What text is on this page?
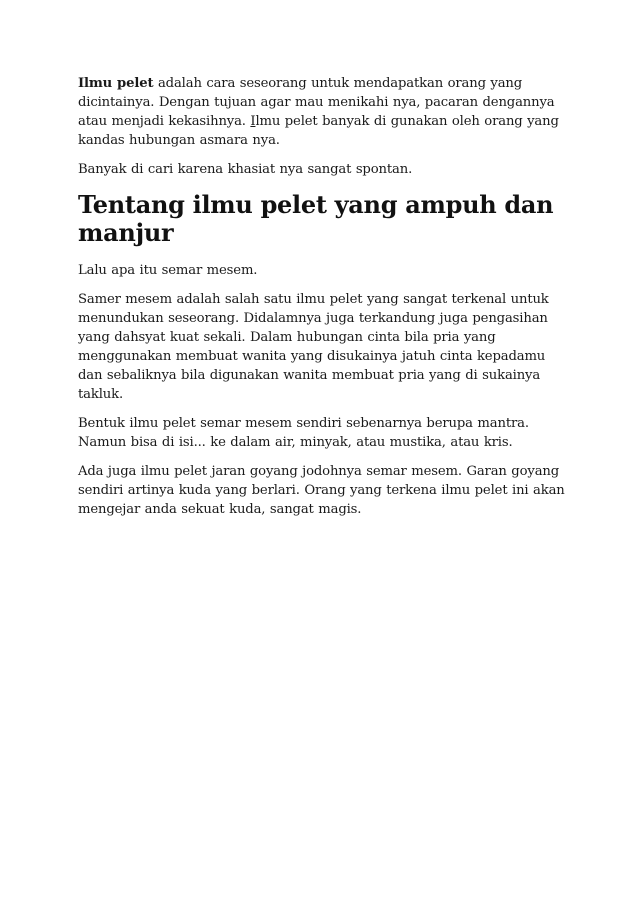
Ilmu pelet adalah cara seseorang untuk mendapatkan orang yang dicintainya. Dengan tujuan agar mau menikahi nya, pacaran dengannya atau menjadi kekasihnya. Ilmu pelet banyak di gunakan oleh orang yang kandas hubungan asmara nya.

Banyak di cari karena khasiat nya sangat spontan.

Tentang ilmu pelet yang ampuh dan manjur

Lalu apa itu semar mesem.

Samer mesem adalah salah satu ilmu pelet yang sangat terkenal untuk menundukan seseorang. Didalamnya juga terkandung juga pengasihan yang dahsyat kuat sekali. Dalam hubungan cinta bila pria yang menggunakan membuat wanita yang disukainya jatuh cinta kepadamu dan sebaliknya bila digunakan wanita membuat pria yang di sukainya takluk.

Bentuk ilmu pelet semar mesem sendiri sebenarnya berupa mantra. Namun bisa di isi... ke dalam air, minyak, atau mustika, atau kris.

Ada juga ilmu pelet jaran goyang jodohnya semar mesem. Garan goyang sendiri artinya kuda yang berlari. Orang yang terkena ilmu pelet ini akan mengejar anda sekuat kuda, sangat magis.
